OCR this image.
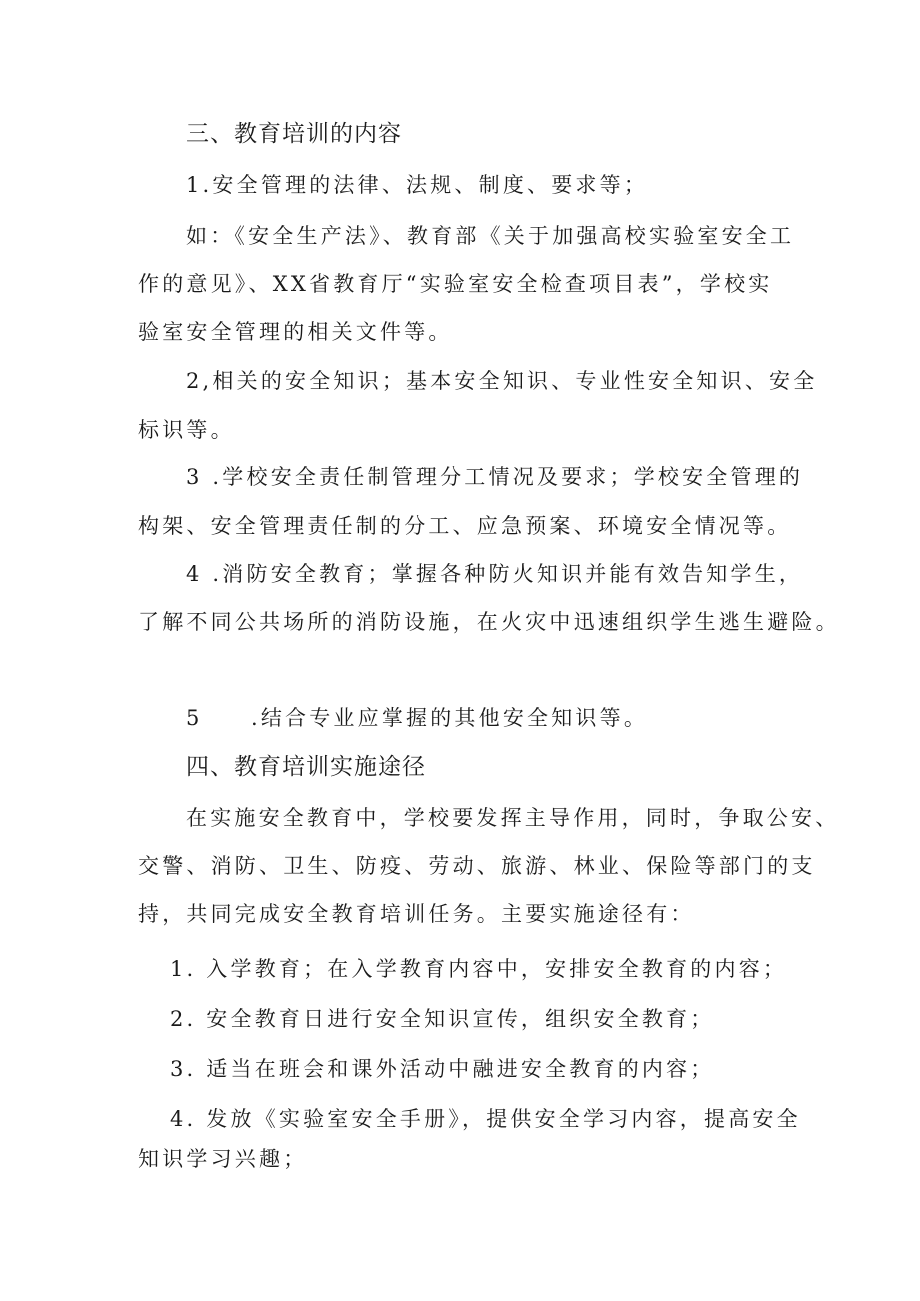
三、教育培训的内容
1.安全管理的法律、法规、制度、要求等；
如：《安全生产法》、教育部《关于加强高校实验室安全工
作的意见》、XX省教育厅“实验室安全检查项目表”，学校实
验室安全管理的相关文件等。
2,相关的安全知识；基本安全知识、专业性安全知识、安全
标识等。
3 .学校安全责任制管理分工情况及要求；学校安全管理的
构架、安全管理责任制的分工、应急预案、环境安全情况等。
4 .消防安全教育；掌握各种防火知识并能有效告知学生，
了解不同公共场所的消防设施，在火灾中迅速组织学生逃生避险。
5　　.结合专业应掌握的其他安全知识等。
四、教育培训实施途径
在实施安全教育中，学校要发挥主导作用，同时，争取公安、
交警、消防、卫生、防疫、劳动、旅游、林业、保险等部门的支
持，共同完成安全教育培训任务。主要实施途径有：
1. 入学教育；在入学教育内容中，安排安全教育的内容；
2. 安全教育日进行安全知识宣传，组织安全教育；
3. 适当在班会和课外活动中融进安全教育的内容；
4. 发放《实验室安全手册》，提供安全学习内容，提高安全
知识学习兴趣；
